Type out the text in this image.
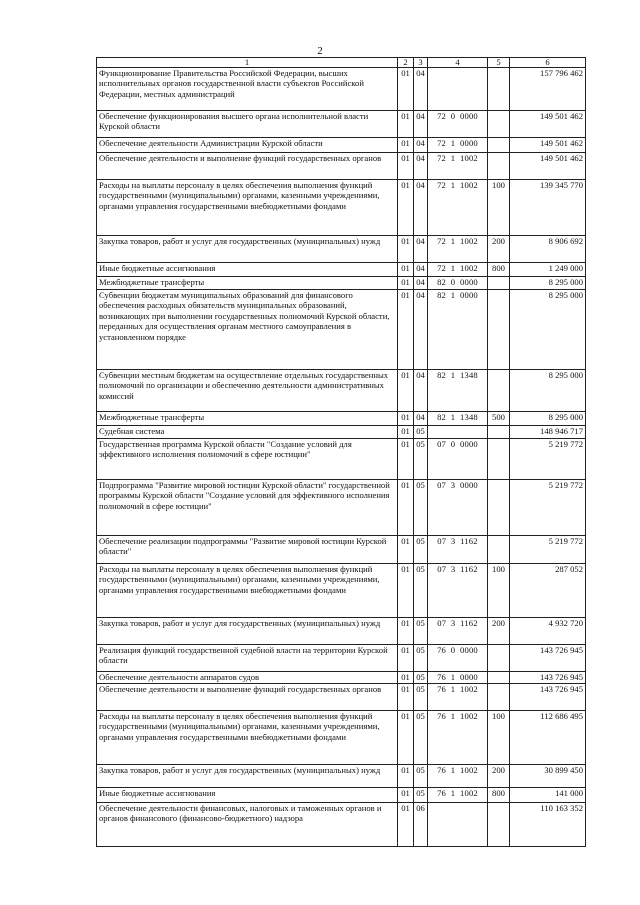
2
1	2	3	4	5	6
Функционирование Правительства Российской Федерации, высших исполнительных органов государственной власти субъектов Российской Федерации, местных администраций	01	04			157 796 462
Обеспечение функционирования высшего органа исполнительной власти Курской области	01	04	72  0  0000		149 501 462
Обеспечение деятельности Администрации Курской области	01	04	72  1  0000		149 501 462
Обеспечение деятельности и выполнение функций государственных органов	01	04	72  1  1002		149 501 462
Расходы на выплаты персоналу в целях обеспечения выполнения функций государственными (муниципальными) органами, казенными учреждениями, органами управления государственными внебюджетными фондами	01	04	72  1  1002	100	139 345 770
Закупка товаров, работ и услуг для государственных (муниципальных) нужд	01	04	72  1  1002	200	8 906 692
Иные бюджетные ассигнования	01	04	72  1  1002	800	1 249 000
Межбюджетные трансферты	01	04	82  0  0000		8 295 000
Субвенции бюджетам муниципальных образований для финансового обеспечения расходных обязательств муниципальных образований, возникающих при выполнении государственных полномочий Курской области, переданных для осуществления органам местного самоуправления в установленном порядке	01	04	82  1  0000		8 295 000
Субвенции местным бюджетам на осуществление отдельных государственных полномочий по организации и обеспечению деятельности административных комиссий	01	04	82  1  1348		8 295 000
Межбюджетные трансферты	01	04	82  1  1348	500	8 295 000
Судебная система	01	05			148 946 717
Государственная программа Курской области "Создание условий для эффективного исполнения полномочий в сфере юстиции"	01	05	07  0  0000		5 219 772
Подпрограмма "Развитие мировой юстиции Курской области" государственной программы Курской области "Создание условий для эффективного исполнения полномочий в сфере юстиции"	01	05	07  3  0000		5 219 772
Обеспечение реализации подпрограммы "Развитие мировой юстиции Курской области"	01	05	07  3  1162		5 219 772
Расходы на выплаты персоналу в целях обеспечения выполнения функций государственными (муниципальными) органами, казенными учреждениями, органами управления государственными внебюджетными фондами	01	05	07  3  1162	100	287 052
Закупка товаров, работ и услуг для государственных (муниципальных) нужд	01	05	07  3  1162	200	4 932 720
Реализация функций государственной судебной власти на территории Курской области	01	05	76  0  0000		143 726 945
Обеспечение деятельности аппаратов судов	01	05	76  1  0000		143 726 945
Обеспечение деятельности и выполнение функций государственных органов	01	05	76  1  1002		143 726 945
Расходы на выплаты персоналу в целях обеспечения выполнения функций государственными (муниципальными) органами, казенными учреждениями, органами управления государственными внебюджетными фондами	01	05	76  1  1002	100	112 686 495
Закупка товаров, работ и услуг для государственных (муниципальных) нужд	01	05	76  1  1002	200	30 899 450
Иные бюджетные ассигнования	01	05	76  1  1002	800	141 000
Обеспечение деятельности финансовых, налоговых и таможенных органов и органов финансового (финансово-бюджетного) надзора	01	06			110 163 352
